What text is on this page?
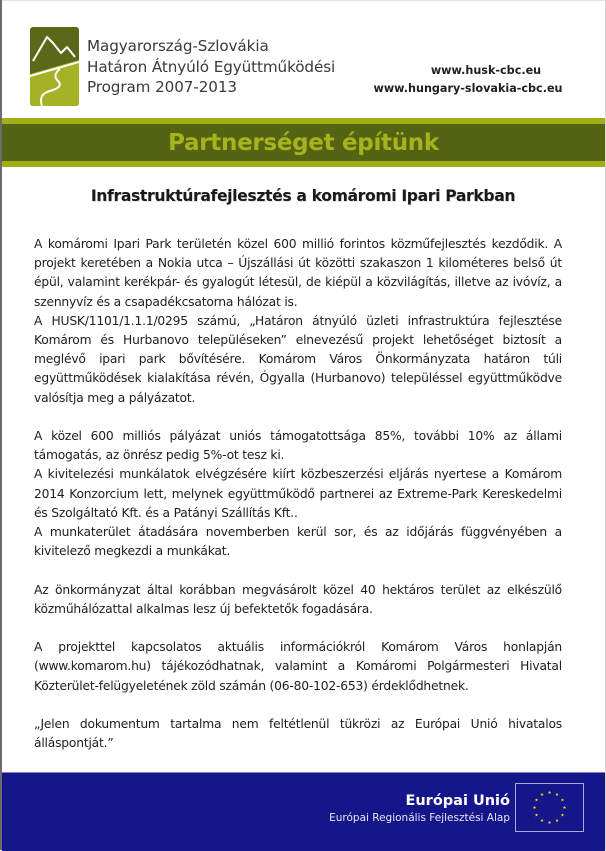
Magyarország-Szlovákia
Határon Átnyúló Együttműködési
Program 2007-2013
www.husk-cbc.eu
www.hungary-slovakia-cbc.eu
Partnerséget építünk
Infrastruktúrafejlesztés a komáromi Ipari Parkban

A komáromi Ipari Park területén közel 600 millió forintos közműfejlesztés kezdődik. A projekt keretében a Nokia utca – Újszállási út közötti szakaszon 1 kilométeres belső út épül, valamint kerékpár- és gyalogút létesül, de kiépül a közvilágítás, illetve az ivóvíz, a szennyvíz és a csapadékcsatorna hálózat is.

A HUSK/1101/1.1.1/0295 számú, „Határon átnyúló üzleti infrastruktúra fejlesztése Komárom és Hurbanovo településeken” elnevezésű projekt lehetőséget biztosít a meglévő ipari park bővítésére. Komárom Város Önkormányzata határon túli együttműködések kialakítása révén, Ógyalla (Hurbanovo) településsel együttműködve valósítja meg a pályázatot.

A közel 600 milliós pályázat uniós támogatottsága 85%, további 10% az állami támogatás, az önrész pedig 5%-ot tesz ki.

A kivitelezési munkálatok elvégzésére kiírt közbeszerzési eljárás nyertese a Komárom 2014 Konzorcium lett, melynek együttműködő partnerei az Extreme-Park Kereskedelmi és Szolgáltató Kft. és a Patányi Szállítás Kft..

A munkaterület átadására novemberben kerül sor, és az időjárás függvényében a kivitelező megkezdi a munkákat.

Az önkormányzat által korábban megvásárolt közel 40 hektáros terület az elkészülő közműhálózattal alkalmas lesz új befektetők fogadására.

A projekttel kapcsolatos aktuális információkról Komárom Város honlapján (www.komarom.hu) tájékozódhatnak, valamint a Komáromi Polgármesteri Hivatal Közterület-felügyeletének zöld számán (06-80-102-653) érdeklődhetnek.

„Jelen dokumentum tartalma nem feltétlenül tükrözi az Európai Unió hivatalos álláspontját.”

Európai Unió
Európai Regionális Fejlesztési Alap
